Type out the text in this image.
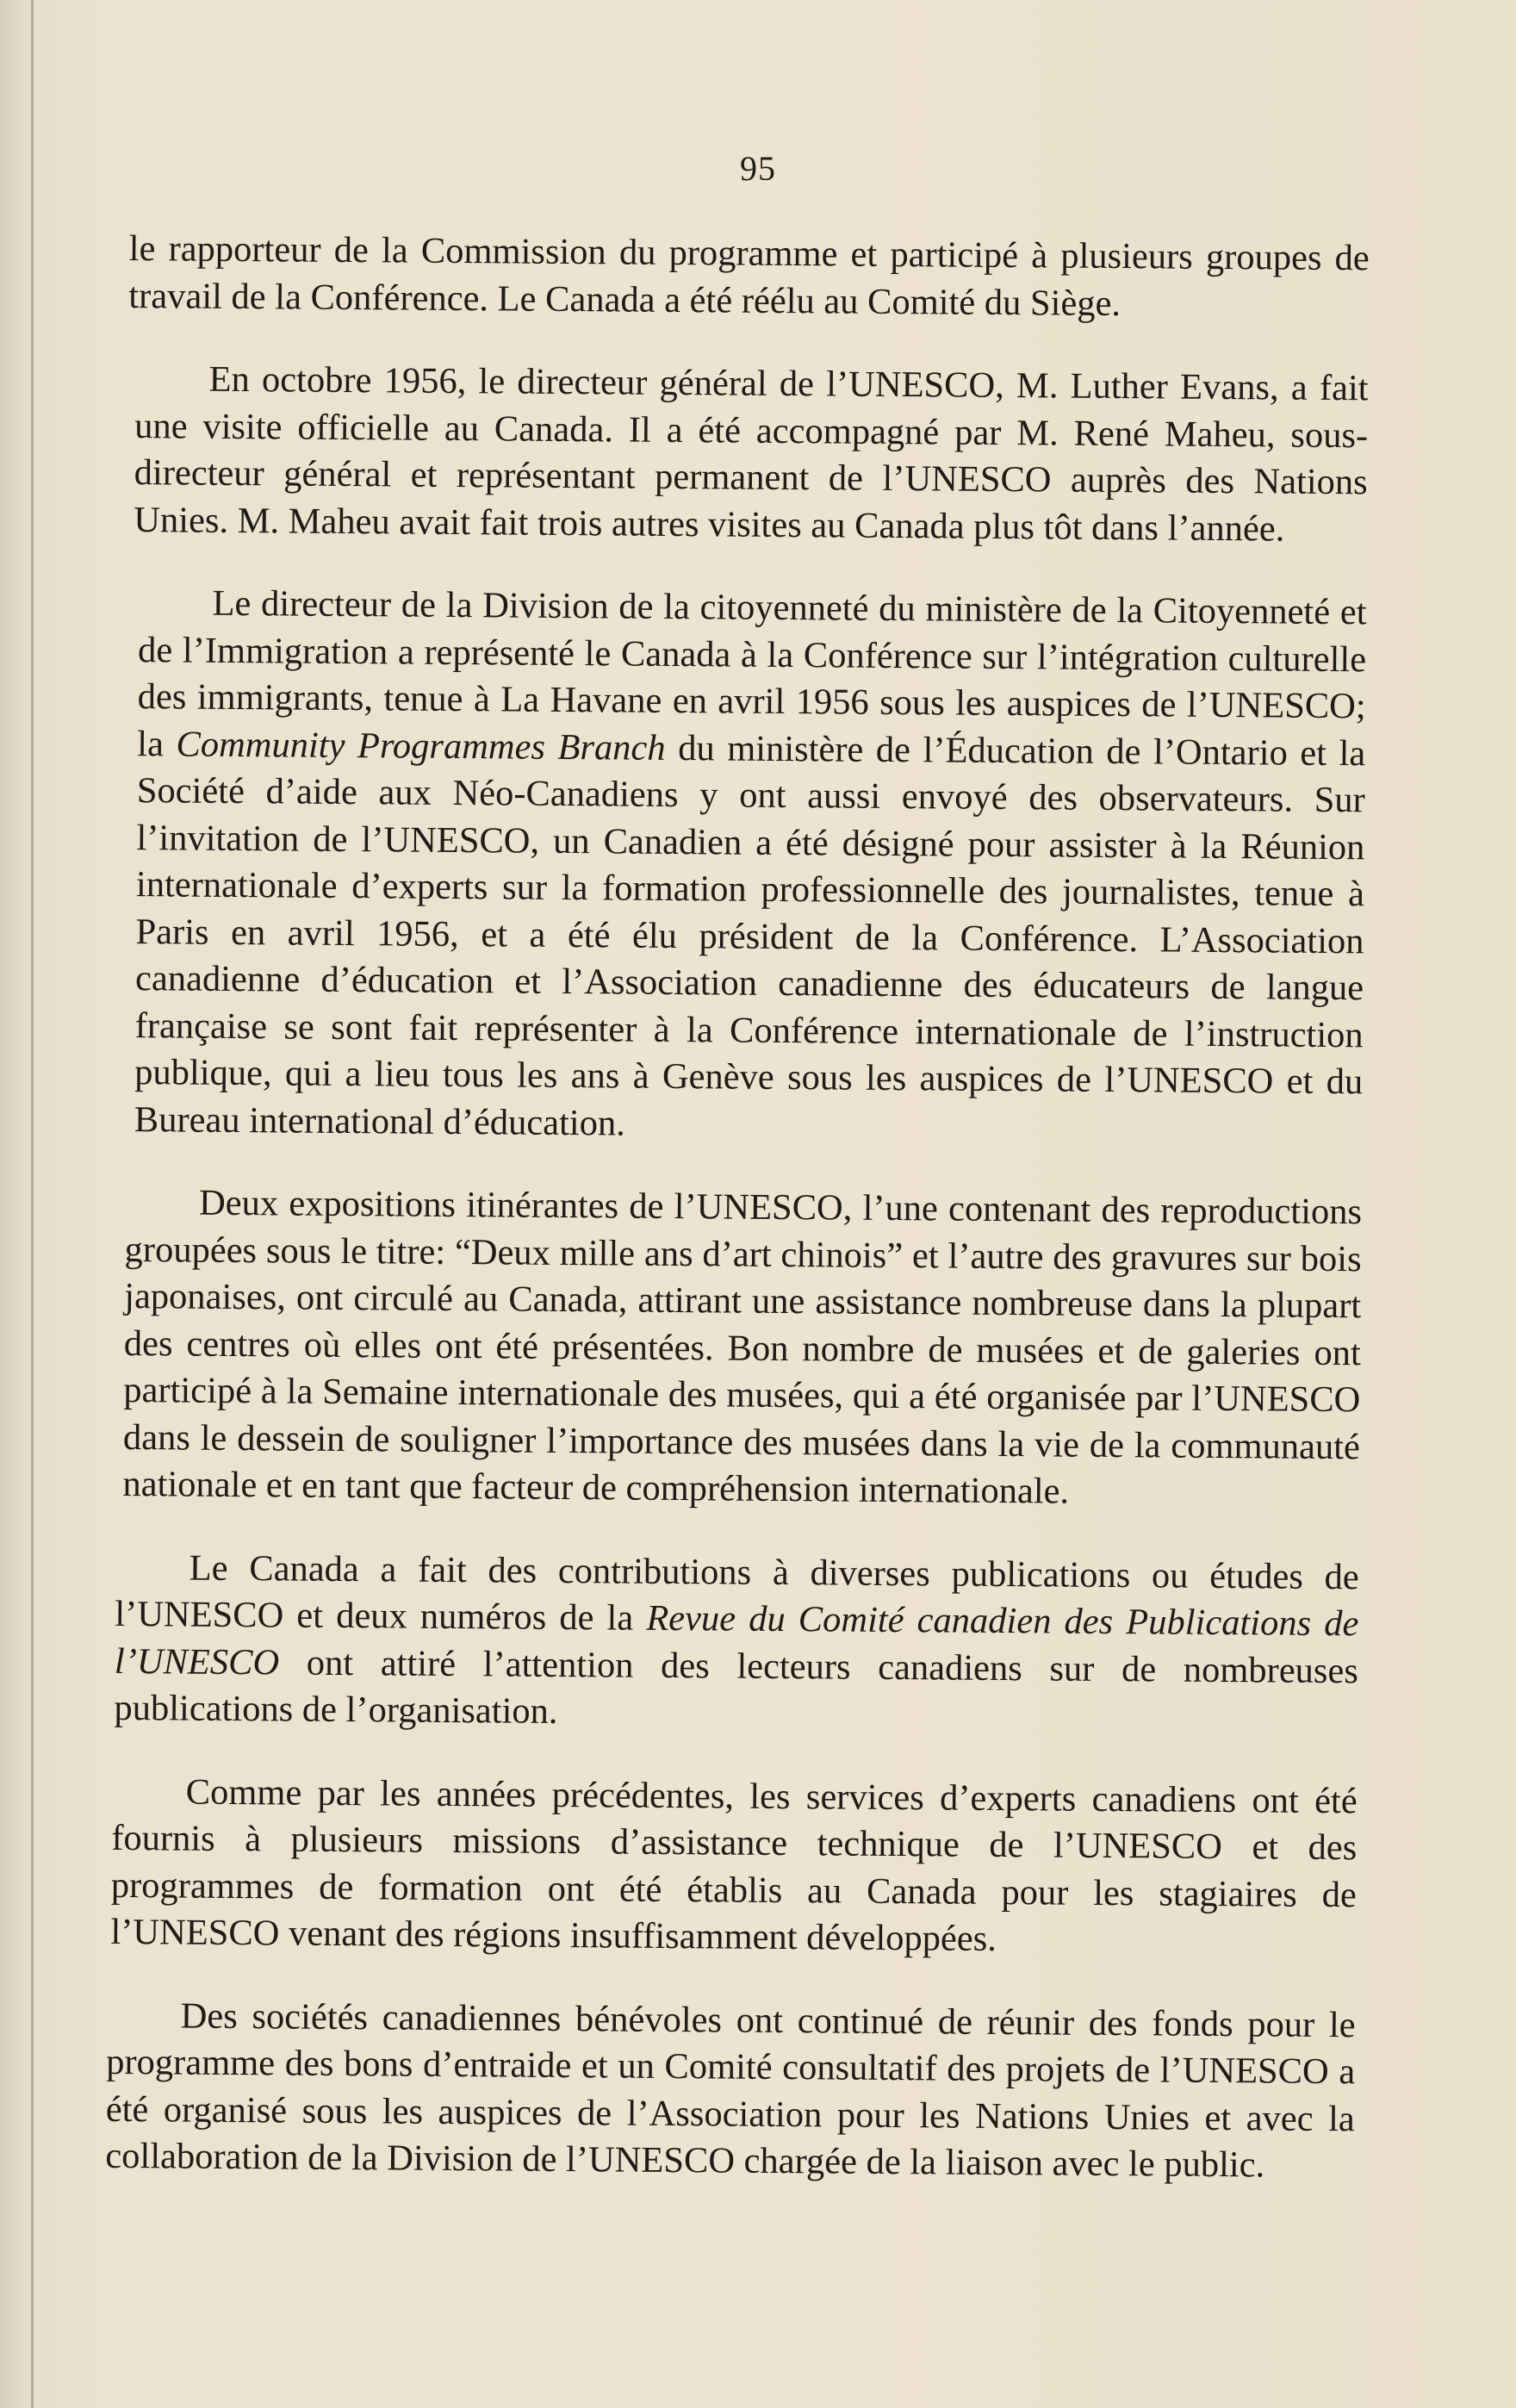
95

le rapporteur de la Commission du programme et participé à plusieurs groupes de travail de la Conférence. Le Canada a été réélu au Comité du Siège.

En octobre 1956, le directeur général de l’UNESCO, M. Luther Evans, a fait une visite officielle au Canada. Il a été accompagné par M. René Maheu, sous-directeur général et représentant permanent de l’UNESCO auprès des Nations Unies. M. Maheu avait fait trois autres visites au Canada plus tôt dans l’année.

Le directeur de la Division de la citoyenneté du ministère de la Citoyenneté et de l’Immigration a représenté le Canada à la Conférence sur l’intégration culturelle des immigrants, tenue à La Havane en avril 1956 sous les auspices de l’UNESCO; la Community Programmes Branch du ministère de l’Éducation de l’Ontario et la Société d’aide aux Néo-Canadiens y ont aussi envoyé des observateurs. Sur l’invitation de l’UNESCO, un Canadien a été désigné pour assister à la Réunion internationale d’experts sur la formation professionnelle des journalistes, tenue à Paris en avril 1956, et a été élu président de la Conférence. L’Association canadienne d’éducation et l’Association canadienne des éducateurs de langue française se sont fait représenter à la Conférence internationale de l’instruction publique, qui a lieu tous les ans à Genève sous les auspices de l’UNESCO et du Bureau international d’éducation.

Deux expositions itinérantes de l’UNESCO, l’une contenant des reproductions groupées sous le titre: “Deux mille ans d’art chinois” et l’autre des gravures sur bois japonaises, ont circulé au Canada, attirant une assistance nombreuse dans la plupart des centres où elles ont été présentées. Bon nombre de musées et de galeries ont participé à la Semaine internationale des musées, qui a été organisée par l’UNESCO dans le dessein de souligner l’importance des musées dans la vie de la communauté nationale et en tant que facteur de compréhension internationale.

Le Canada a fait des contributions à diverses publications ou études de l’UNESCO et deux numéros de la Revue du Comité canadien des Publications de l’UNESCO ont attiré l’attention des lecteurs canadiens sur de nombreuses publications de l’organisation.

Comme par les années précédentes, les services d’experts canadiens ont été fournis à plusieurs missions d’assistance technique de l’UNESCO et des programmes de formation ont été établis au Canada pour les stagiaires de l’UNESCO venant des régions insuffisamment développées.

Des sociétés canadiennes bénévoles ont continué de réunir des fonds pour le programme des bons d’entraide et un Comité consultatif des projets de l’UNESCO a été organisé sous les auspices de l’Association pour les Nations Unies et avec la collaboration de la Division de l’UNESCO chargée de la liaison avec le public.
